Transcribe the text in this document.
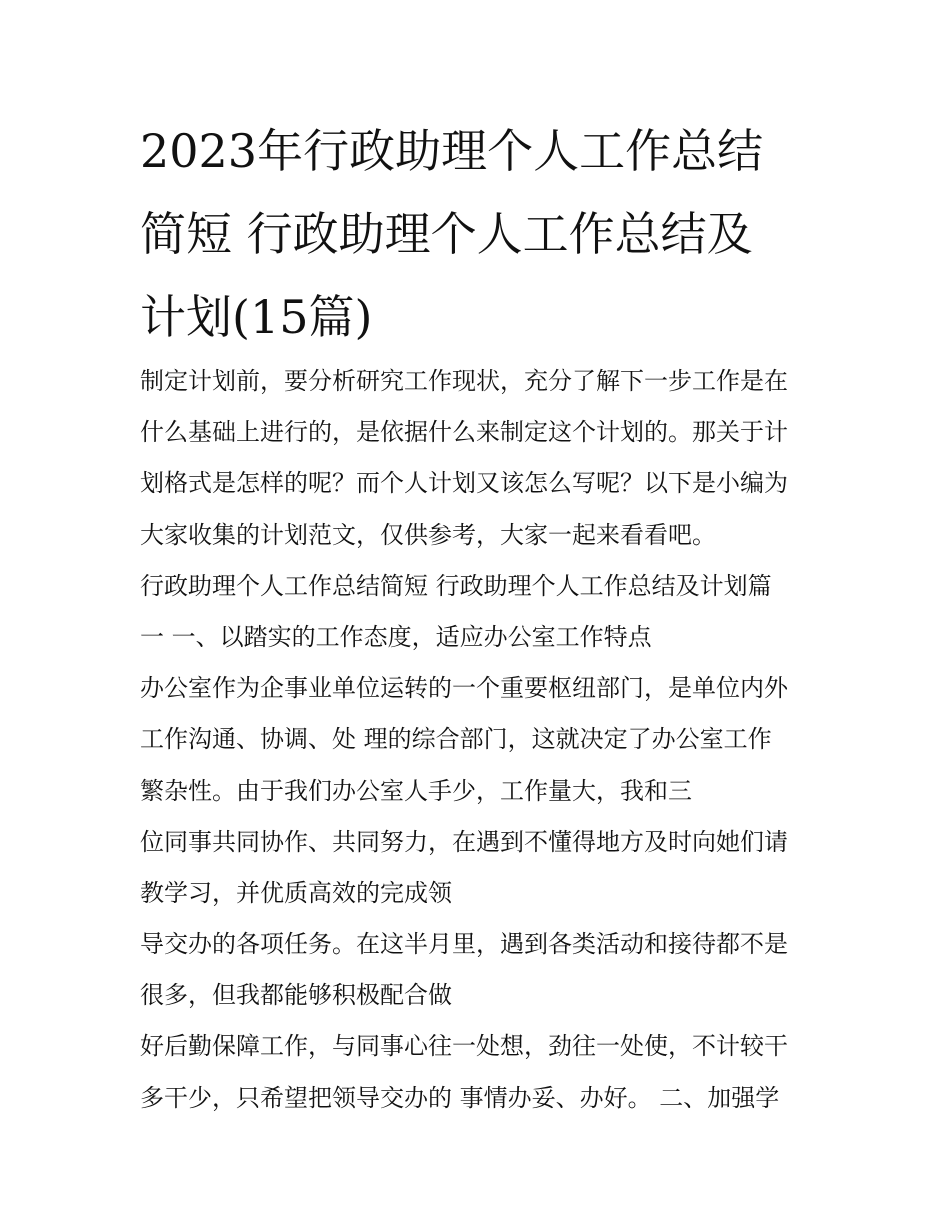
2023年行政助理个人工作总结
简短 行政助理个人工作总结及
计划(15篇)
制定计划前，要分析研究工作现状，充分了解下一步工作是在
什么基础上进行的，是依据什么来制定这个计划的。那关于计
划格式是怎样的呢？而个人计划又该怎么写呢？以下是小编为
大家收集的计划范文，仅供参考，大家一起来看看吧。
行政助理个人工作总结简短 行政助理个人工作总结及计划篇
一 一、以踏实的工作态度，适应办公室工作特点
办公室作为企事业单位运转的一个重要枢纽部门，是单位内外
工作沟通、协调、处 理的综合部门，这就决定了办公室工作
繁杂性。由于我们办公室人手少，工作量大，我和三
位同事共同协作、共同努力，在遇到不懂得地方及时向她们请
教学习，并优质高效的完成领
导交办的各项任务。在这半月里，遇到各类活动和接待都不是
很多，但我都能够积极配合做
好后勤保障工作，与同事心往一处想，劲往一处使，不计较干
多干少，只希望把领导交办的 事情办妥、办好。 二、加强学
